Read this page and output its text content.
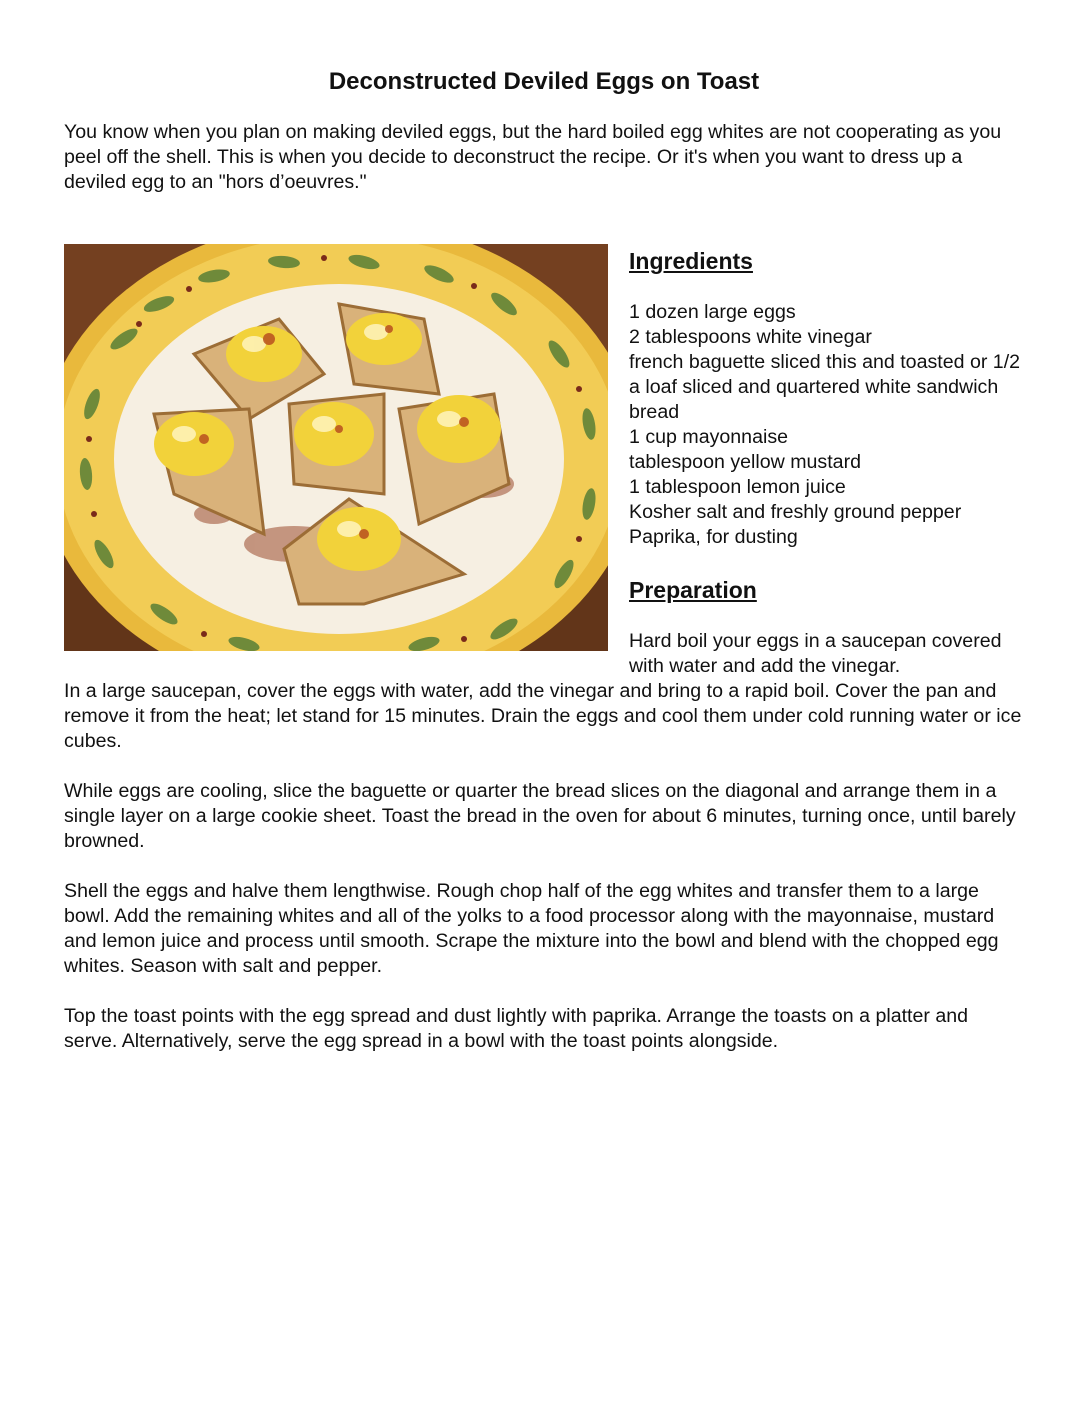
Deconstructed Deviled Eggs on Toast

You know when you plan on making deviled eggs, but the hard boiled egg whites are not cooperating as you peel off the shell. This is when you decide to deconstruct the recipe. Or it's when you want to dress up a deviled egg to an "hors d’oeuvres."

Ingredients
1 dozen large eggs
2 tablespoons white vinegar
french baguette sliced this and toasted or 1/2 a loaf sliced and quartered white sandwich bread
1 cup mayonnaise
tablespoon yellow mustard
1 tablespoon lemon juice
Kosher salt and freshly ground pepper
Paprika, for dusting
Preparation

Hard boil your eggs in a saucepan covered with water and add the vinegar.

In a large saucepan, cover the eggs with water, add the vinegar and bring to a rapid boil. Cover the pan and remove it from the heat; let stand for 15 minutes. Drain the eggs and cool them under cold running water or ice cubes.

While eggs are cooling, slice the baguette or quarter the bread slices on the diagonal and arrange them in a single layer on a large cookie sheet. Toast the bread in the oven for about 6 minutes, turning once, until barely browned.

Shell the eggs and halve them lengthwise. Rough chop half of the egg whites and transfer them to a large bowl. Add the remaining whites and all of the yolks to a food processor along with the mayonnaise, mustard and lemon juice and process until smooth. Scrape the mixture into the bowl and blend with the chopped egg whites. Season with salt and pepper.

Top the toast points with the egg spread and dust lightly with paprika. Arrange the toasts on a platter and serve. Alternatively, serve the egg spread in a bowl with the toast points alongside.
